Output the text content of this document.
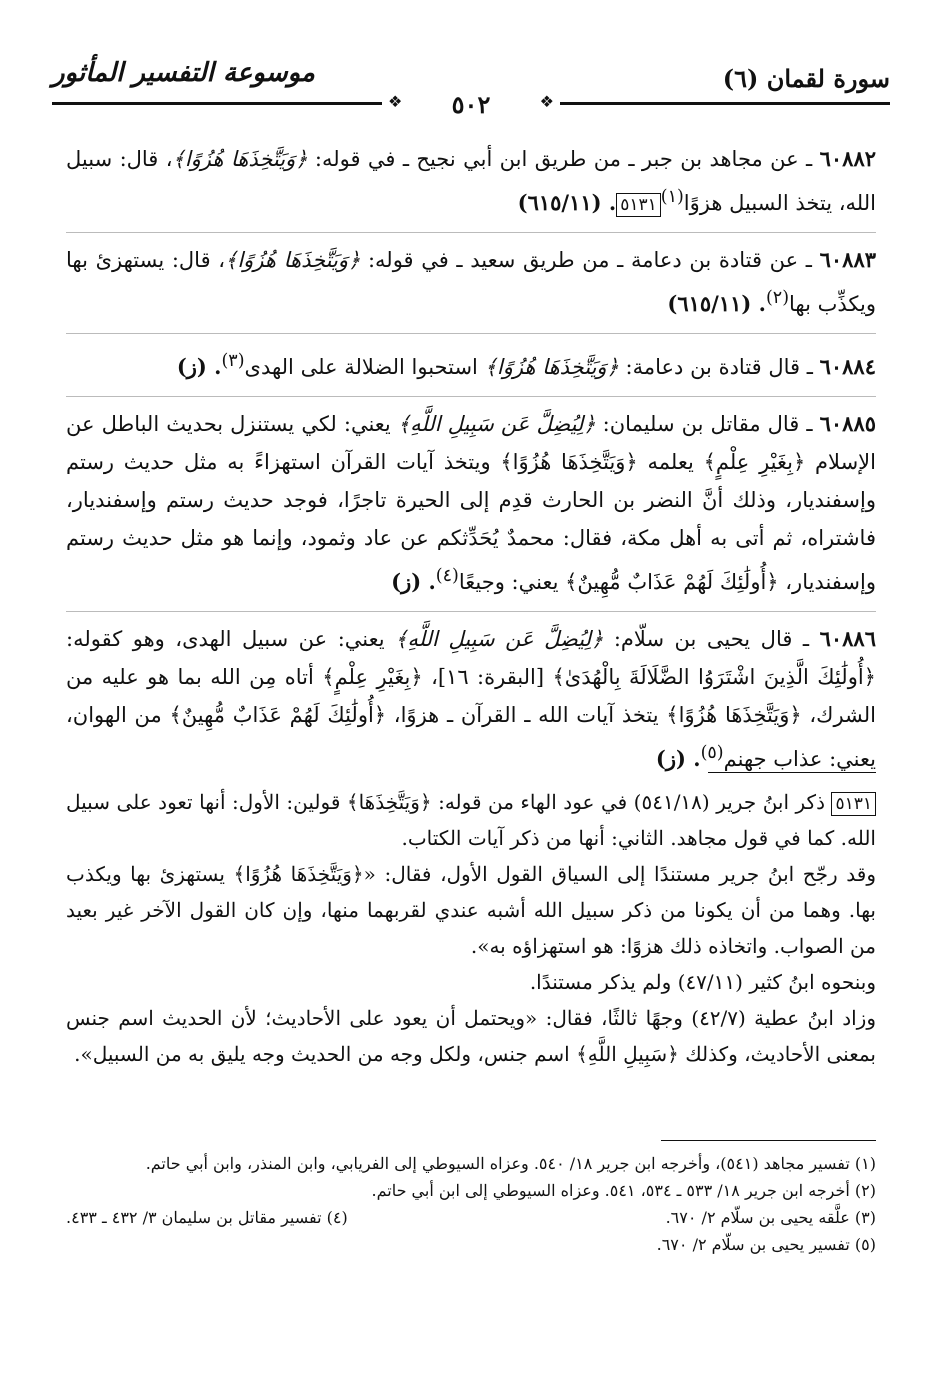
سورة لقمان (٦)
موسوعة التفسير المأثور
❖	❖
٥٠٢

٦٠٨٨٢ ـ عن مجاهد بن جبر ـ من طريق ابن أبي نجيح ـ في قوله: ﴿وَيَتَّخِذَهَا هُزُوًا﴾، قال: سبيل الله، يتخذ السبيل هزوًا$^{(١)}$٥١٣١. (٦١٥/١١)

٦٠٨٨٣ ـ عن قتادة بن دعامة ـ من طريق سعيد ـ في قوله: ﴿وَيَتَّخِذَهَا هُزُوًا﴾، قال: يستهزئ بها ويكذِّب بها$^{(٢)}$. (٦١٥/١١)

٦٠٨٨٤ ـ قال قتادة بن دعامة: ﴿وَيَتَّخِذَهَا هُزُوًا﴾ استحبوا الضلالة على الهدى$^{(٣)}$. (ز)

٦٠٨٨٥ ـ قال مقاتل بن سليمان: ﴿لِيُضِلَّ عَن سَبِيلِ اللَّهِ﴾ يعني: لكي يستنزل بحديث الباطل عن الإسلام ﴿بِغَيْرِ عِلْمٍ﴾ يعلمه ﴿وَيَتَّخِذَهَا هُزُوًا﴾ ويتخذ آيات القرآن استهزاءً به مثل حديث رستم وإسفنديار، وذلك أنَّ النضر بن الحارث قدِم إلى الحيرة تاجرًا، فوجد حديث رستم وإسفنديار، فاشتراه، ثم أتى به أهل مكة، فقال: محمدٌ يُحَدِّثكم عن عاد وثمود، وإنما هو مثل حديث رستم وإسفنديار، ﴿أُولَٰئِكَ لَهُمْ عَذَابٌ مُّهِينٌ﴾ يعني: وجيعًا$^{(٤)}$. (ز)

٦٠٨٨٦ ـ قال يحيى بن سلّام: ﴿لِيُضِلَّ عَن سَبِيلِ اللَّهِ﴾ يعني: عن سبيل الهدى، وهو كقوله: ﴿أُولَٰئِكَ الَّذِينَ اشْتَرَوُا الضَّلَالَةَ بِالْهُدَىٰ﴾ [البقرة: ١٦]، ﴿بِغَيْرِ عِلْمٍ﴾ أتاه مِن الله بما هو عليه من الشرك، ﴿وَيَتَّخِذَهَا هُزُوًا﴾ يتخذ آيات الله ـ القرآن ـ هزوًا، ﴿أُولَٰئِكَ لَهُمْ عَذَابٌ مُّهِينٌ﴾ من الهوان، يعني: عذاب جهنم$^{(٥)}$. (ز)

٥١٣١ ذكر ابنُ جرير (٥٤١/١٨) في عود الهاء من قوله: ﴿وَيَتَّخِذَهَا﴾ قولين: الأول: أنها تعود على سبيل الله. كما في قول مجاهد. الثاني: أنها من ذكر آيات الكتاب.

وقد رجّح ابنُ جرير مستندًا إلى السياق القول الأول، فقال: «﴿وَيَتَّخِذَهَا هُزُوًا﴾ يستهزئ بها ويكذب بها. وهما من أن يكونا من ذكر سبيل الله أشبه عندي لقربهما منها، وإن كان القول الآخر غير بعيد من الصواب. واتخاذه ذلك هزوًا: هو استهزاؤه به».

وبنحوه ابنُ كثير (٤٧/١١) ولم يذكر مستندًا.

وزاد ابنُ عطية (٤٢/٧) وجهًا ثالثًا، فقال: «ويحتمل أن يعود على الأحاديث؛ لأن الحديث اسم جنس بمعنى الأحاديث، وكذلك ﴿سَبِيلِ اللَّهِ﴾ اسم جنس، ولكل وجه من الحديث وجه يليق به من السبيل».

(١) تفسير مجاهد (٥٤١)، وأخرجه ابن جرير ١٨/ ٥٤٠. وعزاه السيوطي إلى الفريابي، وابن المنذر، وابن أبي حاتم.

(٢) أخرجه ابن جرير ١٨/ ٥٣٣ ـ ٥٣٤، ٥٤١. وعزاه السيوطي إلى ابن أبي حاتم.

(٣) علَّقه يحيى بن سلّام ٢/ ٦٧٠.
(٤) تفسير مقاتل بن سليمان ٣/ ٤٣٢ ـ ٤٣٣.

(٥) تفسير يحيى بن سلّام ٢/ ٦٧٠.
